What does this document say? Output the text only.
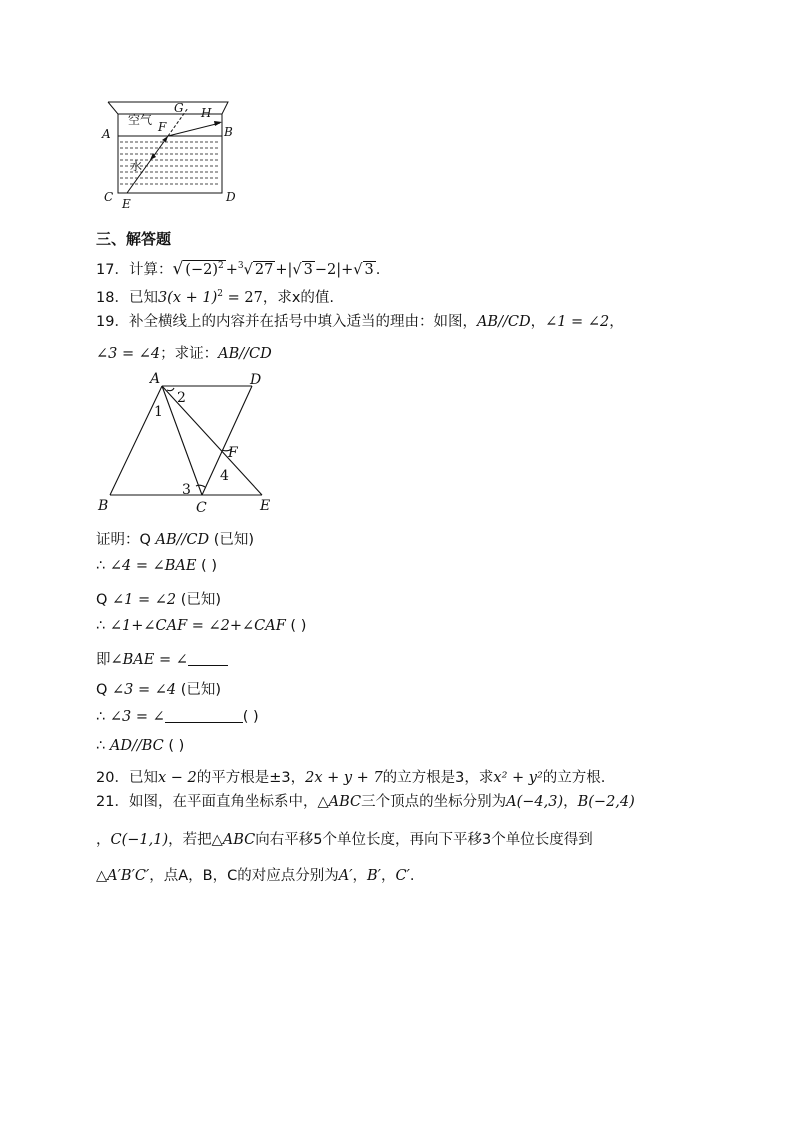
空气
A	B
C	D
E
F
G H
水
三、解答题
17．计算：√ $(-2)^2 +^3√$ 27 +|√ 3 −2|+√ 3 .
18．已知$3(x + 1)^2 = 27$，求x的值.
19．补全横线上的内容并在括号中填入适当的理由：如图，AB//CD，∠1 = ∠2，
∠3 = ∠4；求证：AB//CD
A	D
B	C	E
F
1
2
3
4
证明：Q AB//CD (已知)
∴ ∠4 = ∠BAE ( )
Q ∠1 = ∠2 (已知)
∴ ∠1+∠CAF = ∠2+∠CAF ( )
即∠BAE = ∠
Q ∠3 = ∠4 (已知)
∴ ∠3 = ∠	( )
∴ AD//BC ( )
20．已知x − 2的平方根是±3，2x + y + 7的立方根是3，求x² + y²的立方根.
21．如图，在平面直角坐标系中，△ABC三个顶点的坐标分别为A(−4,3)，B(−2,4)
，C(−1,1)，若把△ABC向右平移5个单位长度，再向下平移3个单位长度得到
△A′B′C′，点A，B，C的对应点分别为A′，B′，C′.
